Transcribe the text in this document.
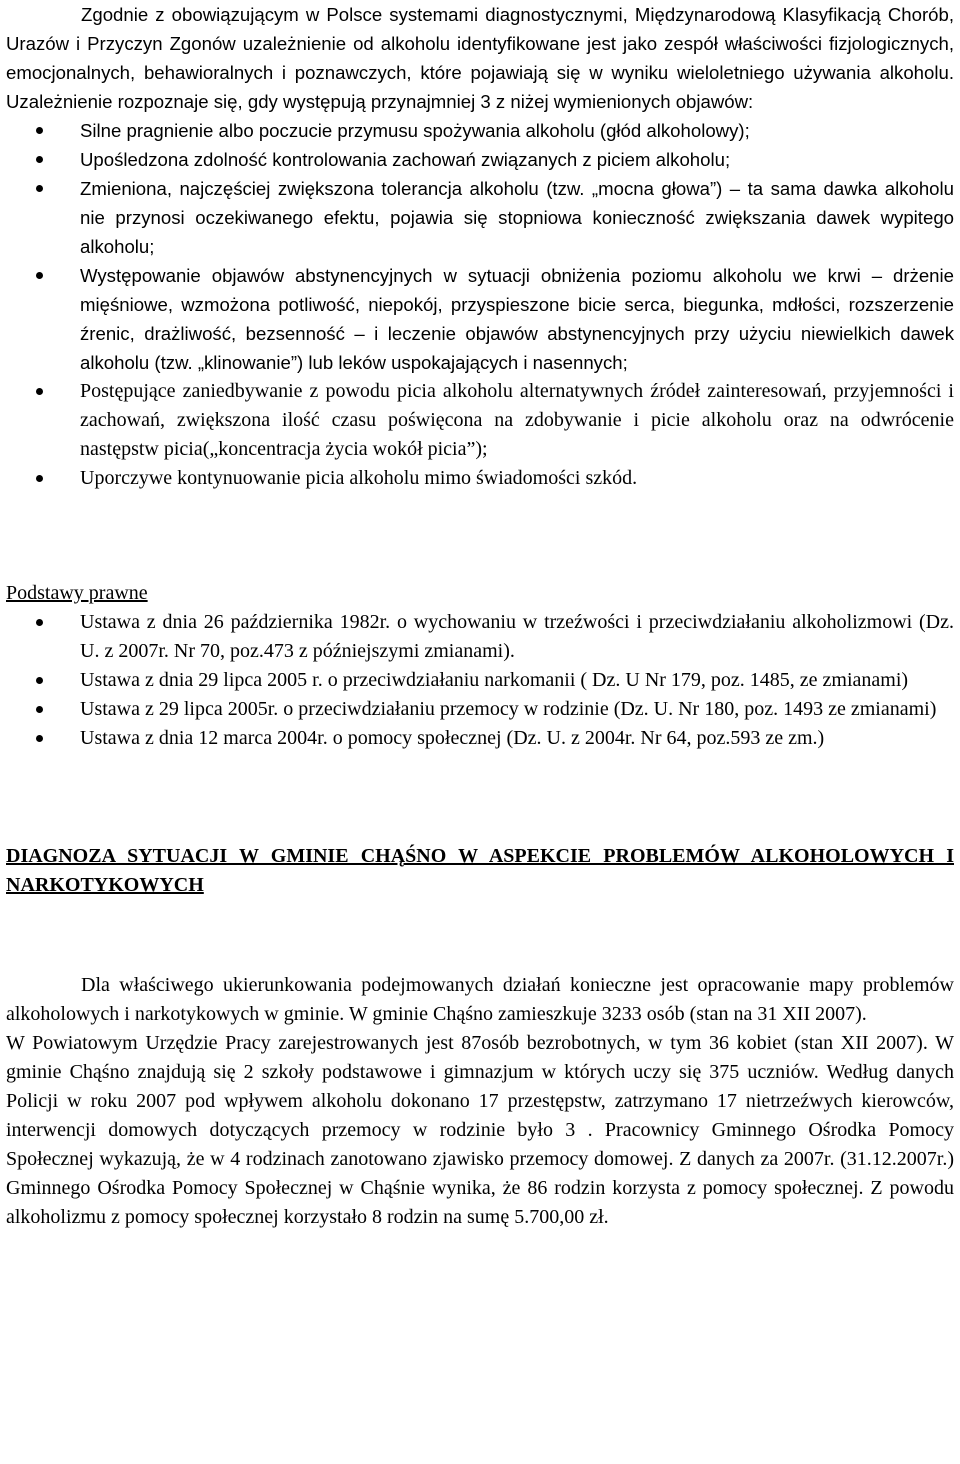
Zgodnie z obowiązującym w Polsce systemami diagnostycznymi, Międzynarodową Klasyfikacją Chorób, Urazów i Przyczyn Zgonów uzależnienie od alkoholu identyfikowane jest jako zespół właściwości fizjologicznych, emocjonalnych, behawioralnych i poznawczych, które pojawiają się w wyniku wieloletniego używania alkoholu. Uzależnienie rozpoznaje się, gdy występują przynajmniej 3 z niżej wymienionych objawów:

Silne pragnienie albo poczucie przymusu spożywania alkoholu (głód alkoholowy);
Upośledzona zdolność kontrolowania zachowań związanych z piciem alkoholu;
Zmieniona, najczęściej zwiększona tolerancja alkoholu (tzw. „mocna głowa”) – ta sama dawka alkoholu nie przynosi oczekiwanego efektu, pojawia się stopniowa konieczność zwiększania dawek wypitego alkoholu;
Występowanie objawów abstynencyjnych w sytuacji obniżenia poziomu alkoholu we krwi – drżenie mięśniowe, wzmożona potliwość, niepokój, przyspieszone bicie serca, biegunka, mdłości, rozszerzenie źrenic, drażliwość, bezsenność – i leczenie objawów abstynencyjnych przy użyciu niewielkich dawek alkoholu (tzw. „klinowanie”) lub leków uspokajających i nasennych;
Postępujące zaniedbywanie z powodu picia alkoholu alternatywnych źródeł zainteresowań, przyjemności i zachowań, zwiększona ilość czasu poświęcona na zdobywanie i picie alkoholu oraz na odwrócenie następstw picia(„koncentracja życia wokół picia”);
Uporczywe kontynuowanie picia alkoholu mimo świadomości szkód.

Podstawy prawne

Ustawa z dnia 26 października 1982r. o wychowaniu w trzeźwości i przeciwdziałaniu alkoholizmowi (Dz. U. z 2007r. Nr 70, poz.473 z późniejszymi zmianami).
Ustawa z dnia 29 lipca 2005 r. o przeciwdziałaniu narkomanii ( Dz. U Nr 179, poz. 1485, ze zmianami)
Ustawa z 29 lipca 2005r. o przeciwdziałaniu przemocy w rodzinie (Dz. U. Nr 180, poz. 1493 ze zmianami)
Ustawa z dnia 12 marca 2004r. o pomocy społecznej (Dz. U. z 2004r. Nr 64, poz.593 ze zm.)

DIAGNOZA SYTUACJI W GMINIE CHĄŚNO W ASPEKCIE PROBLEMÓW ALKOHOLOWYCH I NARKOTYKOWYCH

Dla właściwego ukierunkowania podejmowanych działań konieczne jest opracowanie mapy problemów alkoholowych i narkotykowych w gminie. W gminie Chąśno zamieszkuje 3233 osób (stan na 31 XII 2007).

W Powiatowym Urzędzie Pracy zarejestrowanych jest 87osób bezrobotnych, w tym 36 kobiet (stan XII 2007). W gminie Chąśno znajdują się 2 szkoły podstawowe i gimnazjum w których uczy się 375 uczniów. Według danych Policji w roku 2007 pod wpływem alkoholu dokonano 17 przestępstw, zatrzymano 17 nietrzeźwych kierowców, interwencji domowych dotyczących przemocy w rodzinie było 3 . Pracownicy Gminnego Ośrodka Pomocy Społecznej wykazują, że w 4 rodzinach zanotowano zjawisko przemocy domowej. Z danych za 2007r. (31.12.2007r.) Gminnego Ośrodka Pomocy Społecznej w Chąśnie wynika, że 86 rodzin korzysta z pomocy społecznej. Z powodu alkoholizmu z pomocy społecznej korzystało 8 rodzin na sumę 5.700,00 zł.
